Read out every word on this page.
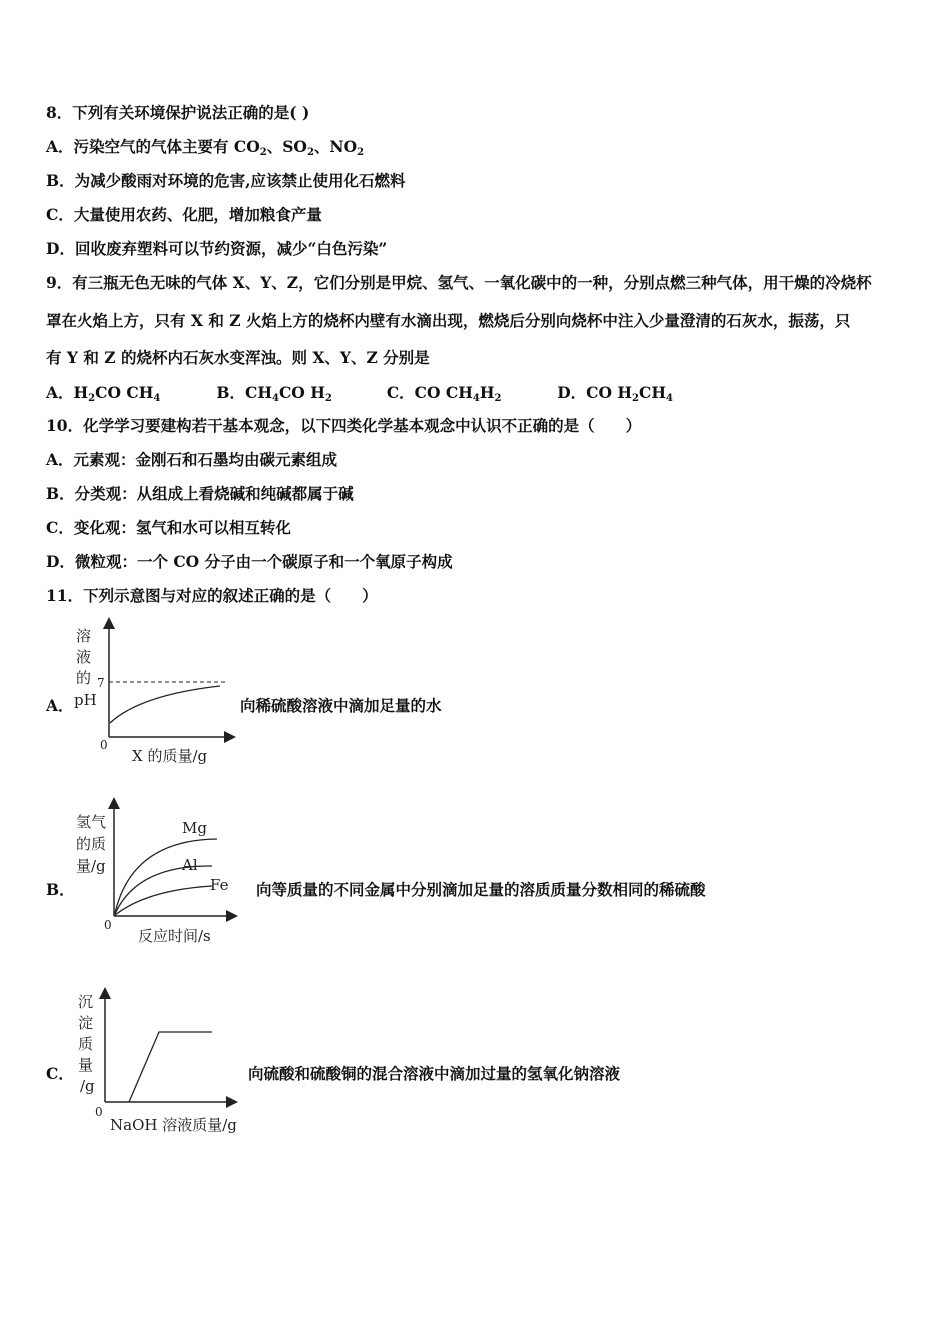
8．下列有关环境保护说法正确的是( )
A．污染空气的气体主要有 $CO_2$、$SO_2$、$NO_2$
B．为减少酸雨对环境的危害,应该禁止使用化石燃料
C．大量使用农药、化肥，增加粮食产量
D．回收废弃塑料可以节约资源，减少“白色污染”
9．有三瓶无色无味的气体 X、Y、Z，它们分别是甲烷、氢气、一氧化碳中的一种，分别点燃三种气体，用干燥的冷烧杯
罩在火焰上方，只有 X 和 Z 火焰上方的烧杯内壁有水滴出现，燃烧后分别向烧杯中注入少量澄清的石灰水，振荡，只
有 Y 和 Z 的烧杯内石灰水变浑浊。则 X、Y、Z 分别是
A．$H_2CO$ $CH_4$	B．$CH_4CO$ $H_2$	C．CO $CH_4H_2$	D．CO $H_2CH_4$
10．化学学习要建构若干基本观念，以下四类化学基本观念中认识不正确的是（　　）
A．元素观：金刚石和石墨均由碳元素组成
B．分类观：从组成上看烧碱和纯碱都属于碱
C．变化观：氢气和水可以相互转化
D．微粒观：一个 CO 分子由一个碳原子和一个氧原子构成
11．下列示意图与对应的叙述正确的是（　　）
A．
溶
液
的
pH
7
0
X 的质量/g
向稀硫酸溶液中滴加足量的水
B．
氢气
的质
量/g
Mg
Al
Fe
0
反应时间/s
向等质量的不同金属中分别滴加足量的溶质质量分数相同的稀硫酸
C．
沉
淀
质
量
/g
0
NaOH 溶液质量/g
向硫酸和硫酸铜的混合溶液中滴加过量的氢氧化钠溶液
